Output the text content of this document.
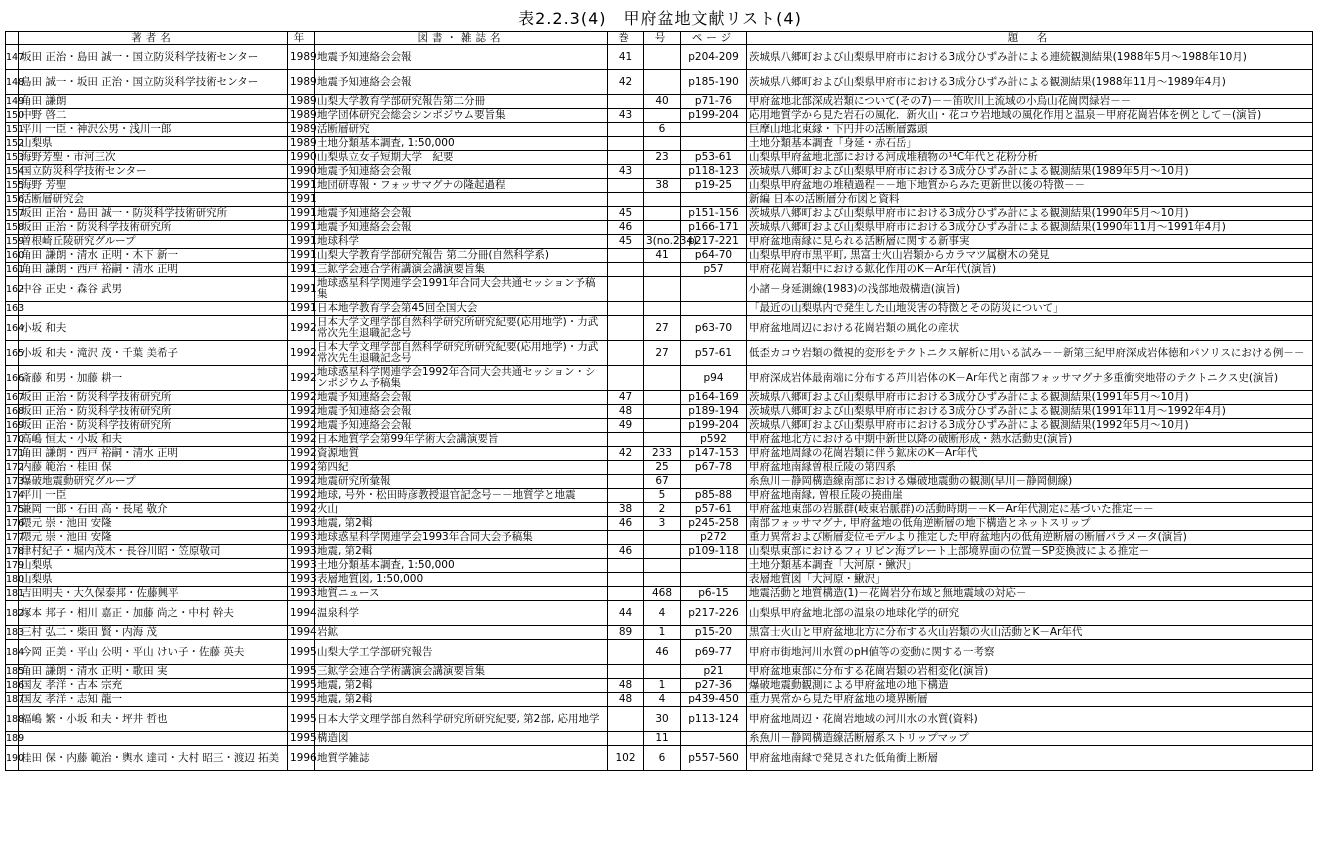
表2.2.3(4)　甲府盆地文献リスト(4)
	著者名	年	図書・雑誌名	巻	号	ページ	題　名
147	坂田 正治・島田 誠一・国立防災科学技術センター	1989	地震予知連絡会会報	41		p204-209	茨城県八郷町および山梨県甲府市における3成分ひずみ計による連続観測結果(1988年5月～1988年10月)
148	島田 誠一・坂田 正治・国立防災科学技術センター	1989	地震予知連絡会会報	42		p185-190	茨城県八郷町および山梨県甲府市における3成分ひずみ計による観測結果(1988年11月～1989年4月)
149	角田 謙朗	1989	山梨大学教育学部研究報告第二分冊		40	p71-76	甲府盆地北部深成岩類について(その7)－－笛吹川上流域の小烏山花崗閃緑岩－－
150	中野 啓二	1989	地学団体研究会総会シンポジウム要旨集	43		p199-204	応用地質学から見た岩石の風化．新火山・花コウ岩地域の風化作用と温泉－甲府花崗岩体を例として－(演旨)
151	平川 一臣・神沢公男・浅川一郎	1989	活断層研究		6		巨摩山地北東縁・下円井の活断層露頭
152	山梨県	1989	土地分類基本調査, 1:50,000				土地分類基本調査「身延・赤石岳」
153	海野芳聖・市河三次	1990	山梨県立女子短期大学　紀要		23	p53-61	山梨県甲府盆地北部における河成堆積物の¹⁴C年代と花粉分析
154	国立防災科学技術センター	1990	地震予知連絡会会報	43		p118-123	茨城県八郷町および山梨県甲府市における3成分ひずみ計による観測結果(1989年5月～10月)
155	海野 芳聖	1991	地団研専報・フォッサマグナの隆起過程		38	p19-25	山梨県甲府盆地の堆積過程－－地下地質からみた更新世以後の特徴－－
156	活断層研究会	1991					新編 日本の活断層分布図と資料
157	坂田 正治・島田 誠一・防災科学技術研究所	1991	地震予知連絡会会報	45		p151-156	茨城県八郷町および山梨県甲府市における3成分ひずみ計による観測結果(1990年5月～10月)
158	坂田 正治・防災科学技術研究所	1991	地震予知連絡会会報	46		p166-171	茨城県八郷町および山梨県甲府市における3成分ひずみ計による観測結果(1990年11月～1991年4月)
159	曽根崎丘陵研究グループ	1991	地球科学	45	3(no.234)	p217-221	甲府盆地南縁に見られる活断層に関する新事実
160	角田 謙朗・清水 正明・木下 新一	1991	山梨大学教育学部研究報告 第二分冊(自然科学系)		41	p64-70	山梨県甲府市黒平町, 黒富士火山岩類からカラマツ属樹木の発見
161	角田 謙朗・西戸 裕嗣・清水 正明	1991	三鉱学会連合学術講演会講演要旨集			p57	甲府花崗岩類中における鉱化作用のK－Ar年代(演旨)
162	中谷 正史・森谷 武男	1991	地球惑星科学関連学会1991年合同大会共通セッション予稿集				小諸－身延測線(1983)の浅部地殻構造(演旨)
163		1991	日本地学教育学会第45回全国大会				「最近の山梨県内で発生した山地災害の特徴とその防災について」
164	小坂 和夫	1992	日本大学文理学部自然科学研究所研究紀要(応用地学)・力武　常次先生退職記念号		27	p63-70	甲府盆地周辺における花崗岩類の風化の産状
165	小坂 和夫・滝沢 茂・千葉 美希子	1992	日本大学文理学部自然科学研究所研究紀要(応用地学)・力武　常次先生退職記念号		27	p57-61	低歪カコウ岩類の微視的変形をテクトニクス解析に用いる試み－－新第三紀甲府深成岩体徳和パソリスにおける例－－
166	斎藤 和男・加藤 耕一	1992	地球惑星科学関連学会1992年合同大会共通セッション・シンポジウム予稿集			p94	甲府深成岩体最南端に分布する芦川岩体のK－Ar年代と南部フォッサマグナ多重衝突地帯のテクトニクス史(演旨)
167	坂田 正治・防災科学技術研究所	1992	地震予知連絡会会報	47		p164-169	茨城県八郷町および山梨県甲府市における3成分ひずみ計による観測結果(1991年5月～10月)
168	坂田 正治・防災科学技術研究所	1992	地震予知連絡会会報	48		p189-194	茨城県八郷町および山梨県甲府市における3成分ひずみ計による観測結果(1991年11月～1992年4月)
169	坂田 正治・防災科学技術研究所	1992	地震予知連絡会会報	49		p199-204	茨城県八郷町および山梨県甲府市における3成分ひずみ計による観測結果(1992年5月～10月)
170	高嶋 恒太・小坂 和夫	1992	日本地質学会第99年学術大会講演要旨			p592	甲府盆地北方における中期中新世以降の破断形成・熱水活動史(演旨)
171	角田 謙朗・西戸 裕嗣・清水 正明	1992	資源地質	42	233	p147-153	甲府盆地周縁の花崗岩類に伴う鉱床のK－Ar年代
172	内藤 範治・桂田 保	1992	第四紀		25	p67-78	甲府盆地南縁曽根丘陵の第四系
173	爆破地震動研究グループ	1992	地震研究所彙報		67		糸魚川－静岡構造線南部における爆破地震動の観測(早川－静岡側線)
174	平川 一臣	1992	地球, 号外・松田時彦教授退官記念号－－地質学と地震		5	p85-88	甲府盆地南縁, 曽根丘陵の撓曲崖
175	兼岡 一郎・石田 高・長尾 敬介	1992	火山	38	2	p57-61	甲府盆地東部の岩脈群(岐東岩脈群)の活動時期－－K－Ar年代測定に基づいた推定－－
176	隈元 崇・池田 安隆	1993	地震, 第2輯	46	3	p245-258	南部フォッサマグナ, 甲府盆地の低角逆断層の地下構造とネットスリップ
177	隈元 崇・池田 安隆	1993	地球惑星科学関連学会1993年合同大会予稿集			p272	重力異常および断層変位モデルより推定した甲府盆地内の低角逆断層の断層パラメータ(演旨)
178	津村紀子・堀内茂木・長谷川昭・笠原敬司	1993	地震, 第2輯	46		p109-118	山梨県東部におけるフィリピン海プレート上部境界面の位置－SP変換波による推定－
179	山梨県	1993	土地分類基本調査, 1:50,000				土地分類基本調査「大河原・鰍沢」
180	山梨県	1993	表層地質図, 1:50,000				表層地質図「大河原・鰍沢」
181	吉田明夫・大久保泰邦・佐藤興平	1993	地質ニュース		468	p6-15	地震活動と地質構造(1)－花崗岩分布域と無地震域の対応－
182	塚本 邦子・相川 嘉正・加藤 尚之・中村 幹夫	1994	温泉科学	44	4	p217-226	山梨県甲府盆地北部の温泉の地球化学的研究
183	三村 弘二・柴田 賢・内海 茂	1994	岩鉱	89	1	p15-20	黒富士火山と甲府盆地北方に分布する火山岩類の火山活動とK－Ar年代
184	今岡 正美・平山 公明・平山 けい子・佐藤 英夫	1995	山梨大学工学部研究報告		46	p69-77	甲府市街地河川水質のpH値等の変動に関する一考察
185	角田 謙朗・清水 正明・歌田 実	1995	三鉱学会連合学術講演会講演要旨集			p21	甲府盆地東部に分布する花崗岩類の岩相変化(演旨)
186	国友 孝洋・古本 宗充	1995	地震, 第2輯	48	1	p27-36	爆破地震動観測による甲府盆地の地下構造
187	国友 孝洋・志知 龍一	1995	地震, 第2輯	48	4	p439-450	重力異常から見た甲府盆地の境界断層
188	福嶋 繁・小坂 和夫・坪井 哲也	1995	日本大学文理学部自然科学研究所研究紀要, 第2部, 応用地学		30	p113-124	甲府盆地周辺・花崗岩地域の河川水の水質(資料)
189		1995	構造図		11		糸魚川－静岡構造線活断層系ストリップマップ
190	桂田 保・内藤 範治・輿水 達司・大村 昭三・渡辺 拓美	1996	地質学雑誌	102	6	p557-560	甲府盆地南縁で発見された低角衝上断層
